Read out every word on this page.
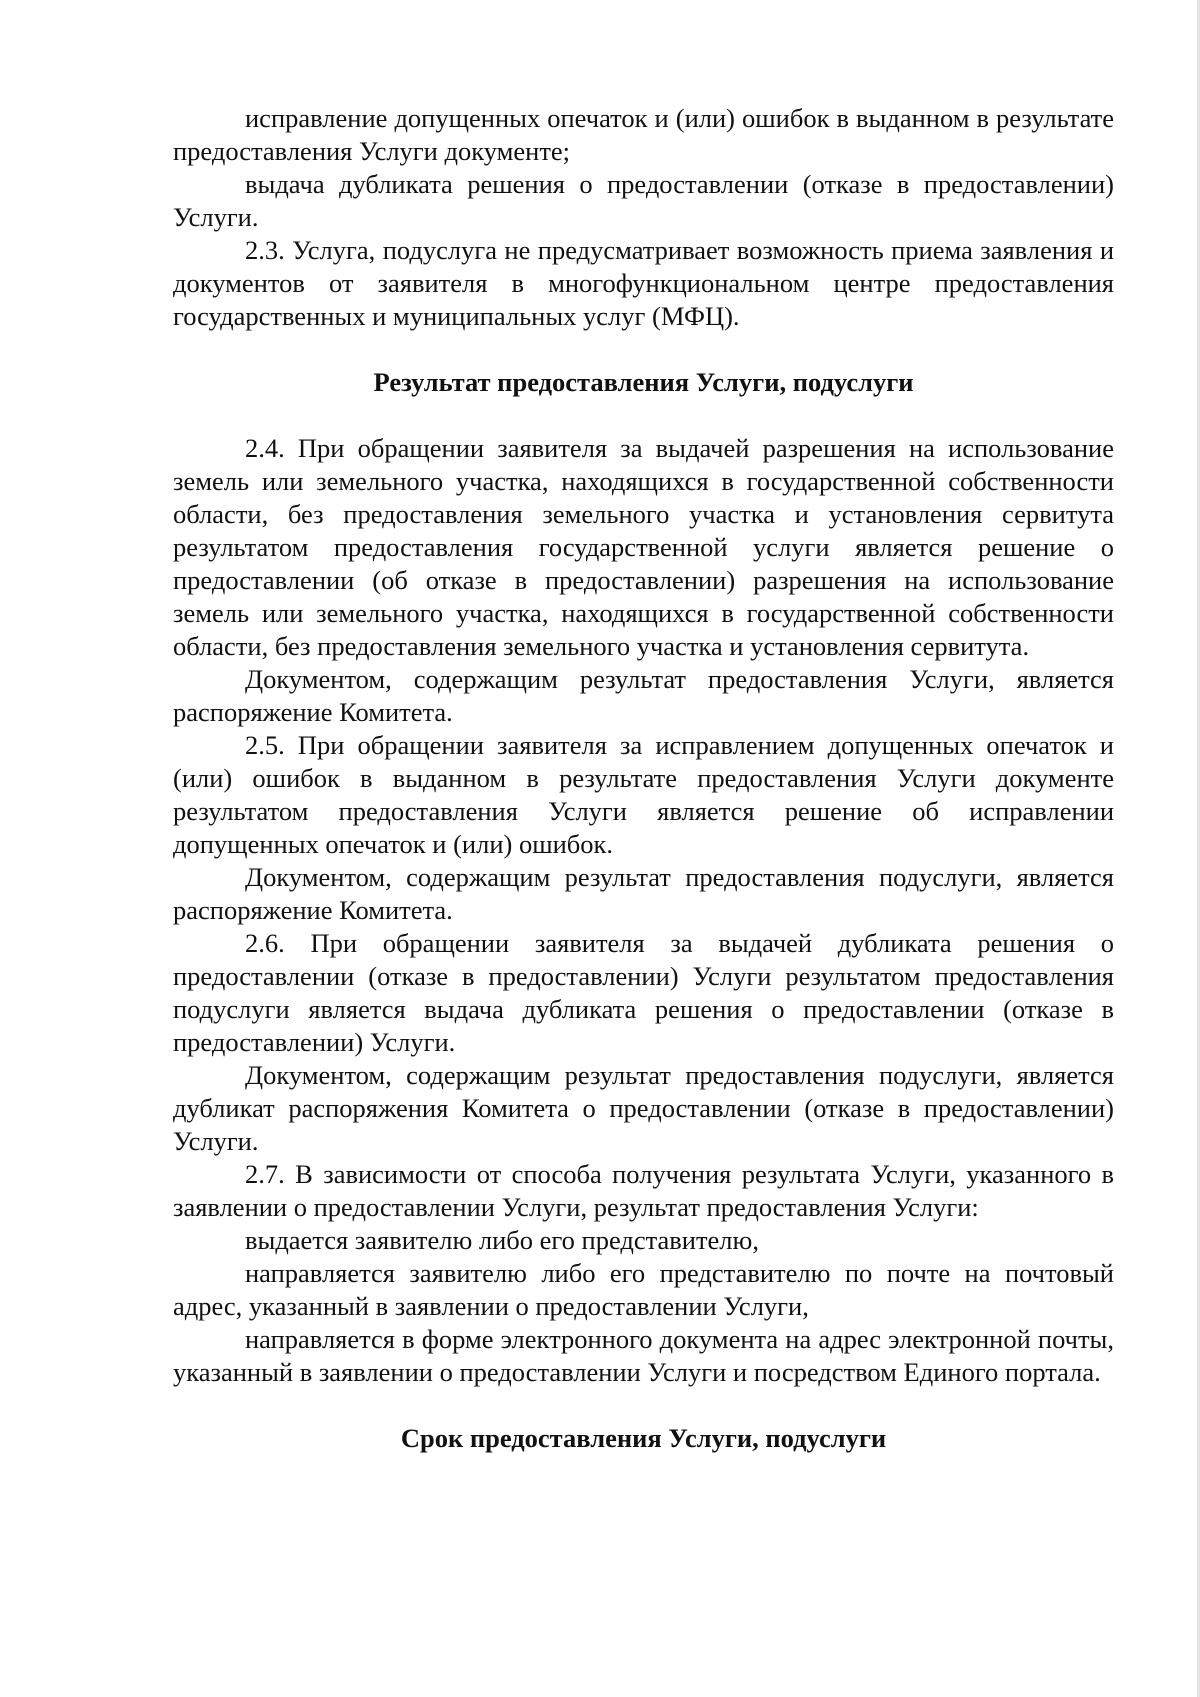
исправление допущенных опечаток и (или) ошибок в выданном в результате предоставления Услуги документе;

выдача дубликата решения о предоставлении (отказе в предоставлении) Услуги.

2.3. Услуга, подуслуга не предусматривает возможность приема заявления и документов от заявителя в многофункциональном центре предоставления государственных и муниципальных услуг (МФЦ).

Результат предоставления Услуги, подуслуги

2.4. При обращении заявителя за выдачей разрешения на использование земель или земельного участка, находящихся в государственной собственности области, без предоставления земельного участка и установления сервитута результатом предоставления государственной услуги является решение о предоставлении (об отказе в предоставлении) разрешения на использование земель или земельного участка, находящихся в государственной собственности области, без предоставления земельного участка и установления сервитута.

Документом, содержащим результат предоставления Услуги, является распоряжение Комитета.

2.5. При обращении заявителя за исправлением допущенных опечаток и (или) ошибок в выданном в результате предоставления Услуги документе результатом предоставления Услуги является решение об исправлении допущенных опечаток и (или) ошибок.

Документом, содержащим результат предоставления подуслуги, является распоряжение Комитета.

2.6. При обращении заявителя за выдачей дубликата решения о предоставлении (отказе в предоставлении) Услуги результатом предоставления подуслуги является выдача дубликата решения о предоставлении (отказе в предоставлении) Услуги.

Документом, содержащим результат предоставления подуслуги, является дубликат распоряжения Комитета о предоставлении (отказе в предоставлении) Услуги.

2.7. В зависимости от способа получения результата Услуги, указанного в заявлении о предоставлении Услуги, результат предоставления Услуги:

выдается заявителю либо его представителю,

направляется заявителю либо его представителю по почте на почтовый адрес, указанный в заявлении о предоставлении Услуги,

направляется в форме электронного документа на адрес электронной почты, указанный в заявлении о предоставлении Услуги и посредством Единого портала.

Срок предоставления Услуги, подуслуги
